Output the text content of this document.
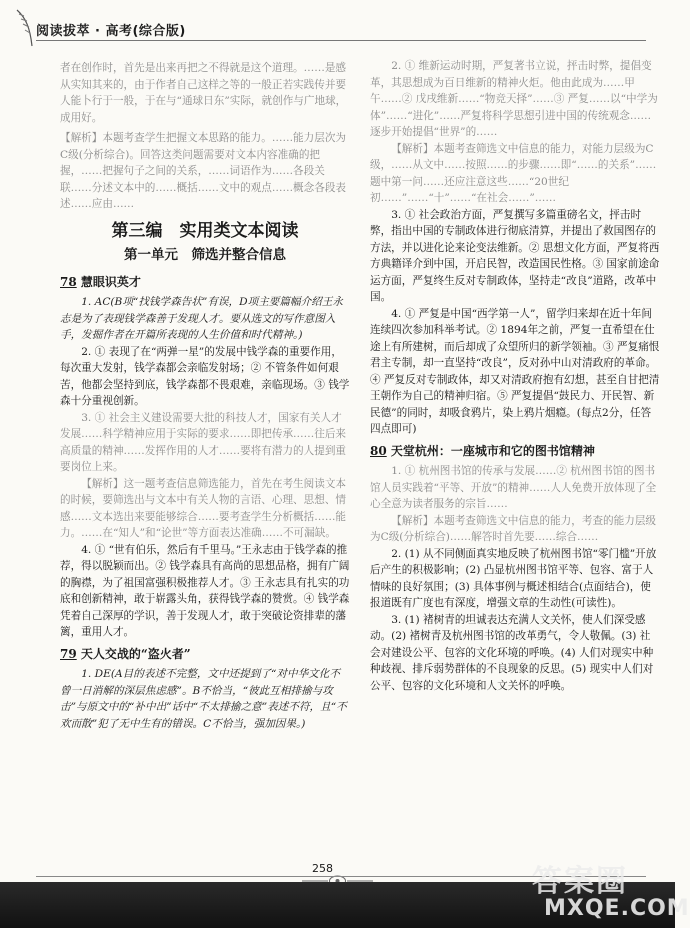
阅读拔萃 · 高考(综合版)

者在创作时，首先是出来再把之不得就是这个道理。……是感从实知其来的，由于作者自己这样之等的一般正若实践传并要人能卜行于一般，于在与“通球日东”实际，就创作与广地球，成用好。

【解析】本题考查学生把握文本思路的能力。……能力层次为C级(分析综合)。回答这类问题需要对文本内容准确的把握，……把握句子之间的关系，……词语作为……各段关联……分述文本中的……概括……文中的观点……概念各段表述……应由……

第三编　实用类文本阅读
第一单元　筛选并整合信息
78 慧眼识英才

1. AC(B项“找钱学森告状”有误，D项主要篇幅介绍王永志是为了表现钱学森善于发现人才。要从选文的写作意图入手，发掘作者在开篇所表现的人生价值和时代精神。)

2. ① 表现了在“两弹一星”的发展中钱学森的重要作用，每次重大发射，钱学森都会亲临发射场；② 不管条件如何艰苦，他都会坚持到底，钱学森都不畏艰难，亲临现场。③ 钱学森十分重视创新。

3. ① 社会主义建设需要大批的科技人才，国家有关人才发展……科学精神应用于实际的要求……即把传承……往后来高质量的精神……发挥作用的人才……要将有潜力的人提到重要岗位上来。

【解析】这一题考查信息筛选能力，首先在考生阅读文本的时候，要筛选出与文本中有关人物的言语、心理、思想、情感……文本选出来要能够综合……要考查学生分析概括……能力。……在“知人”和“论世”等方面表达准确……不可漏缺。

4. ① “世有伯乐，然后有千里马。”王永志由于钱学森的推荐，得以脱颖而出。② 钱学森具有高尚的思想品格，拥有广阔的胸襟，为了祖国富强积极推荐人才。③ 王永志具有扎实的功底和创新精神，敢于崭露头角，获得钱学森的赞赏。④ 钱学森凭着自己深厚的学识，善于发现人才，敢于突破论资排辈的藩篱，重用人才。

79 天人交战的“盗火者”

1. DE(A目的表述不完整，文中还提到了“对中华文化不曾一日消解的深层焦虑感”。B不恰当，“彼此互相排揄与攻击”与原文中的“补中出”话中“不太排揄之意”表述不符，且“不欢而散”犯了无中生有的错误。C不恰当，强加因果。)

2. ① 维新运动时期，严复著书立说，抨击时弊，提倡变革，其思想成为百日维新的精神火炬。他由此成为……甲午……② 戊戌维新……“物竞天择”……③ 严复……以“中学为体”……“进化”……严复将科学思想引进中国的传统观念……逐步开始提倡“世界”的……

【解析】本题考查筛选文中信息的能力，对能力层级为C级，……从文中……按照……的步骤……即“……的关系”……题中第一问……还应注意这些……“20世纪初……”……“十”……“在社会……”……

3. ① 社会政治方面，严复撰写多篇重磅名文，抨击时弊，指出中国的专制政体进行彻底清算，并提出了救国图存的方法，并以进化论来论变法维新。② 思想文化方面，严复将西方典籍译介到中国，开启民智，改造国民性格。③ 国家前途命运方面，严复终生反对专制政体，坚持走“改良”道路，改革中国。

4. ① 严复是中国“西学第一人”，留学归来却在近十年间连续四次参加科举考试。② 1894年之前，严复一直希望在仕途上有所建树，而后却成了众望所归的新学领袖。③ 严复痛恨君主专制，却一直坚持“改良”，反对孙中山对清政府的革命。④ 严复反对专制政体，却又对清政府抱有幻想，甚至自甘把清王朝作为自己的精神归宿。⑤ 严复提倡“鼓民力、开民智、新民德”的同时，却吸食鸦片，染上鸦片烟瘾。(每点2分，任答四点即可)

80 天堂杭州：一座城市和它的图书馆精神

1. ① 杭州图书馆的传承与发展……② 杭州图书馆的图书馆人员实践着“平等、开放”的精神……人人免费开放体现了全心全意为读者服务的宗旨……

【解析】本题考查筛选文中信息的能力，考查的能力层级为C级(分析综合)……解答时首先要……综合……

2. (1) 从不同侧面真实地反映了杭州图书馆“零门槛”开放后产生的积极影响；(2) 凸显杭州图书馆平等、包容、富于人情味的良好氛围；(3) 具体事例与概述相结合(点面结合)，使报道既有广度也有深度，增强文章的生动性(可读性)。

3. (1) 褚树青的坦诚表达充满人文关怀，使人们深受感动。(2) 褚树青及杭州图书馆的改革勇气，令人敬佩。(3) 社会对建设公平、包容的文化环境的呼唤。(4) 人们对现实中种种歧视、排斥弱势群体的不良现象的反思。(5) 现实中人们对公平、包容的文化环境和人文关怀的呼唤。

258	答案圈
MXQE.COM
